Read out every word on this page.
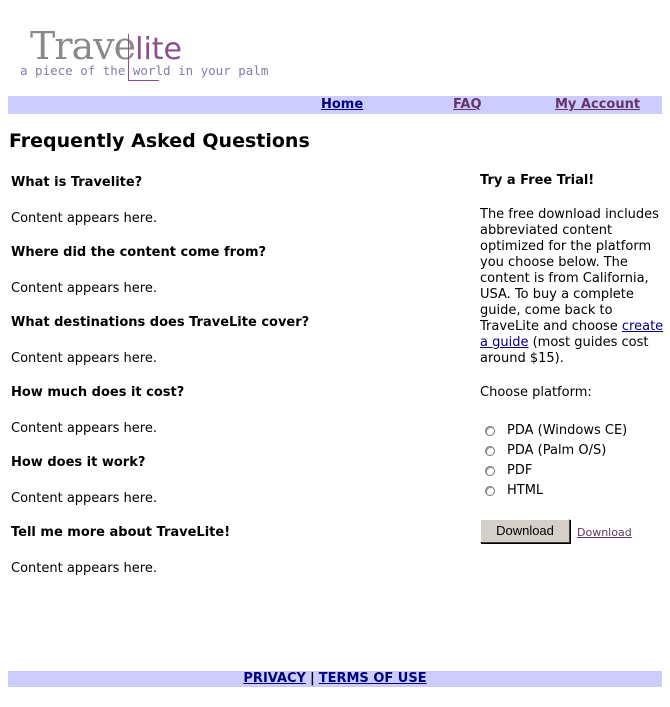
Travelite
a piece of the world in your palm
Home	FAQ	My Account
Frequently Asked Questions
What is Travelite?
Content appears here.
Where did the content come from?
Content appears here.
What destinations does TraveLite cover?
Content appears here.
How much does it cost?
Content appears here.
How does it work?
Content appears here.
Tell me more about TraveLite!
Content appears here.

Try a Free Trial!

The free download includes abbreviated content optimized for the platform you choose below. The content is from California, USA. To buy a complete guide, come back to TraveLite and choose create a guide (most guides cost around $15).

Choose platform:
PDA (Windows CE)
PDA (Palm O/S)
PDF
HTML
Download	Download
PRIVACY | TERMS OF USE
